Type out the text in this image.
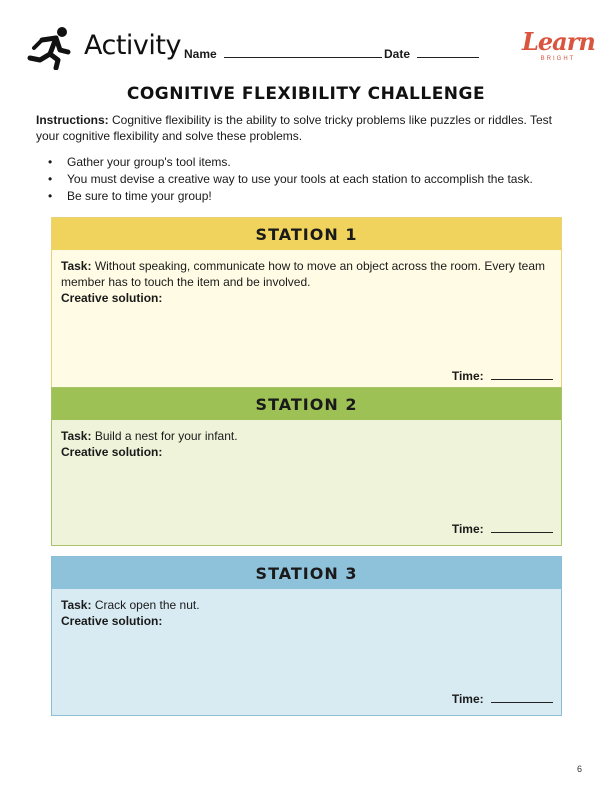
Activity Name	Date	Learn
BRIGHT
COGNITIVE FLEXIBILITY CHALLENGE
Instructions: Cognitive flexibility is the ability to solve tricky problems like puzzles or riddles. Test your cognitive flexibility and solve these problems.
• Gather your group's tool items.
• You must devise a creative way to use your tools at each station to accomplish the task.
• Be sure to time your group!
STATION 1
Task: Without speaking, communicate how to move an object across the room. Every team member has to touch the item and be involved.
Creative solution:
Time:
STATION 2
Task: Build a nest for your infant.
Creative solution:
Time:
STATION 3
Task: Crack open the nut.
Creative solution:
Time:
6
